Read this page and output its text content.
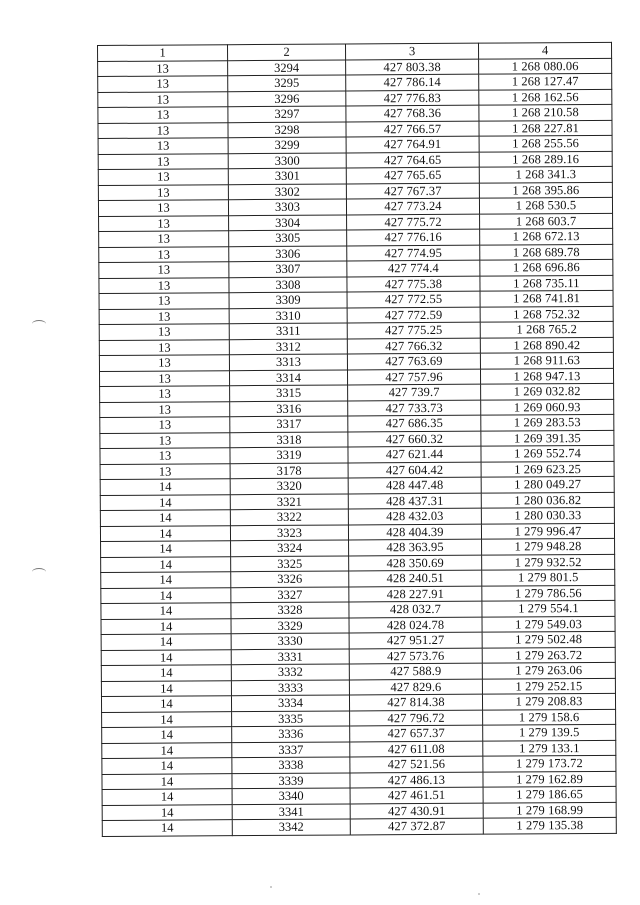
1	2	3	4
13	3294	427 803.38	1 268 080.06
13	3295	427 786.14	1 268 127.47
13	3296	427 776.83	1 268 162.56
13	3297	427 768.36	1 268 210.58
13	3298	427 766.57	1 268 227.81
13	3299	427 764.91	1 268 255.56
13	3300	427 764.65	1 268 289.16
13	3301	427 765.65	1 268 341.3
13	3302	427 767.37	1 268 395.86
13	3303	427 773.24	1 268 530.5
13	3304	427 775.72	1 268 603.7
13	3305	427 776.16	1 268 672.13
13	3306	427 774.95	1 268 689.78
13	3307	427 774.4	1 268 696.86
13	3308	427 775.38	1 268 735.11
13	3309	427 772.55	1 268 741.81
13	3310	427 772.59	1 268 752.32
13	3311	427 775.25	1 268 765.2
13	3312	427 766.32	1 268 890.42
13	3313	427 763.69	1 268 911.63
13	3314	427 757.96	1 268 947.13
13	3315	427 739.7	1 269 032.82
13	3316	427 733.73	1 269 060.93
13	3317	427 686.35	1 269 283.53
13	3318	427 660.32	1 269 391.35
13	3319	427 621.44	1 269 552.74
13	3178	427 604.42	1 269 623.25
14	3320	428 447.48	1 280 049.27
14	3321	428 437.31	1 280 036.82
14	3322	428 432.03	1 280 030.33
14	3323	428 404.39	1 279 996.47
14	3324	428 363.95	1 279 948.28
14	3325	428 350.69	1 279 932.52
14	3326	428 240.51	1 279 801.5
14	3327	428 227.91	1 279 786.56
14	3328	428 032.7	1 279 554.1
14	3329	428 024.78	1 279 549.03
14	3330	427 951.27	1 279 502.48
14	3331	427 573.76	1 279 263.72
14	3332	427 588.9	1 279 263.06
14	3333	427 829.6	1 279 252.15
14	3334	427 814.38	1 279 208.83
14	3335	427 796.72	1 279 158.6
14	3336	427 657.37	1 279 139.5
14	3337	427 611.08	1 279 133.1
14	3338	427 521.56	1 279 173.72
14	3339	427 486.13	1 279 162.89
14	3340	427 461.51	1 279 186.65
14	3341	427 430.91	1 279 168.99
14	3342	427 372.87	1 279 135.38
